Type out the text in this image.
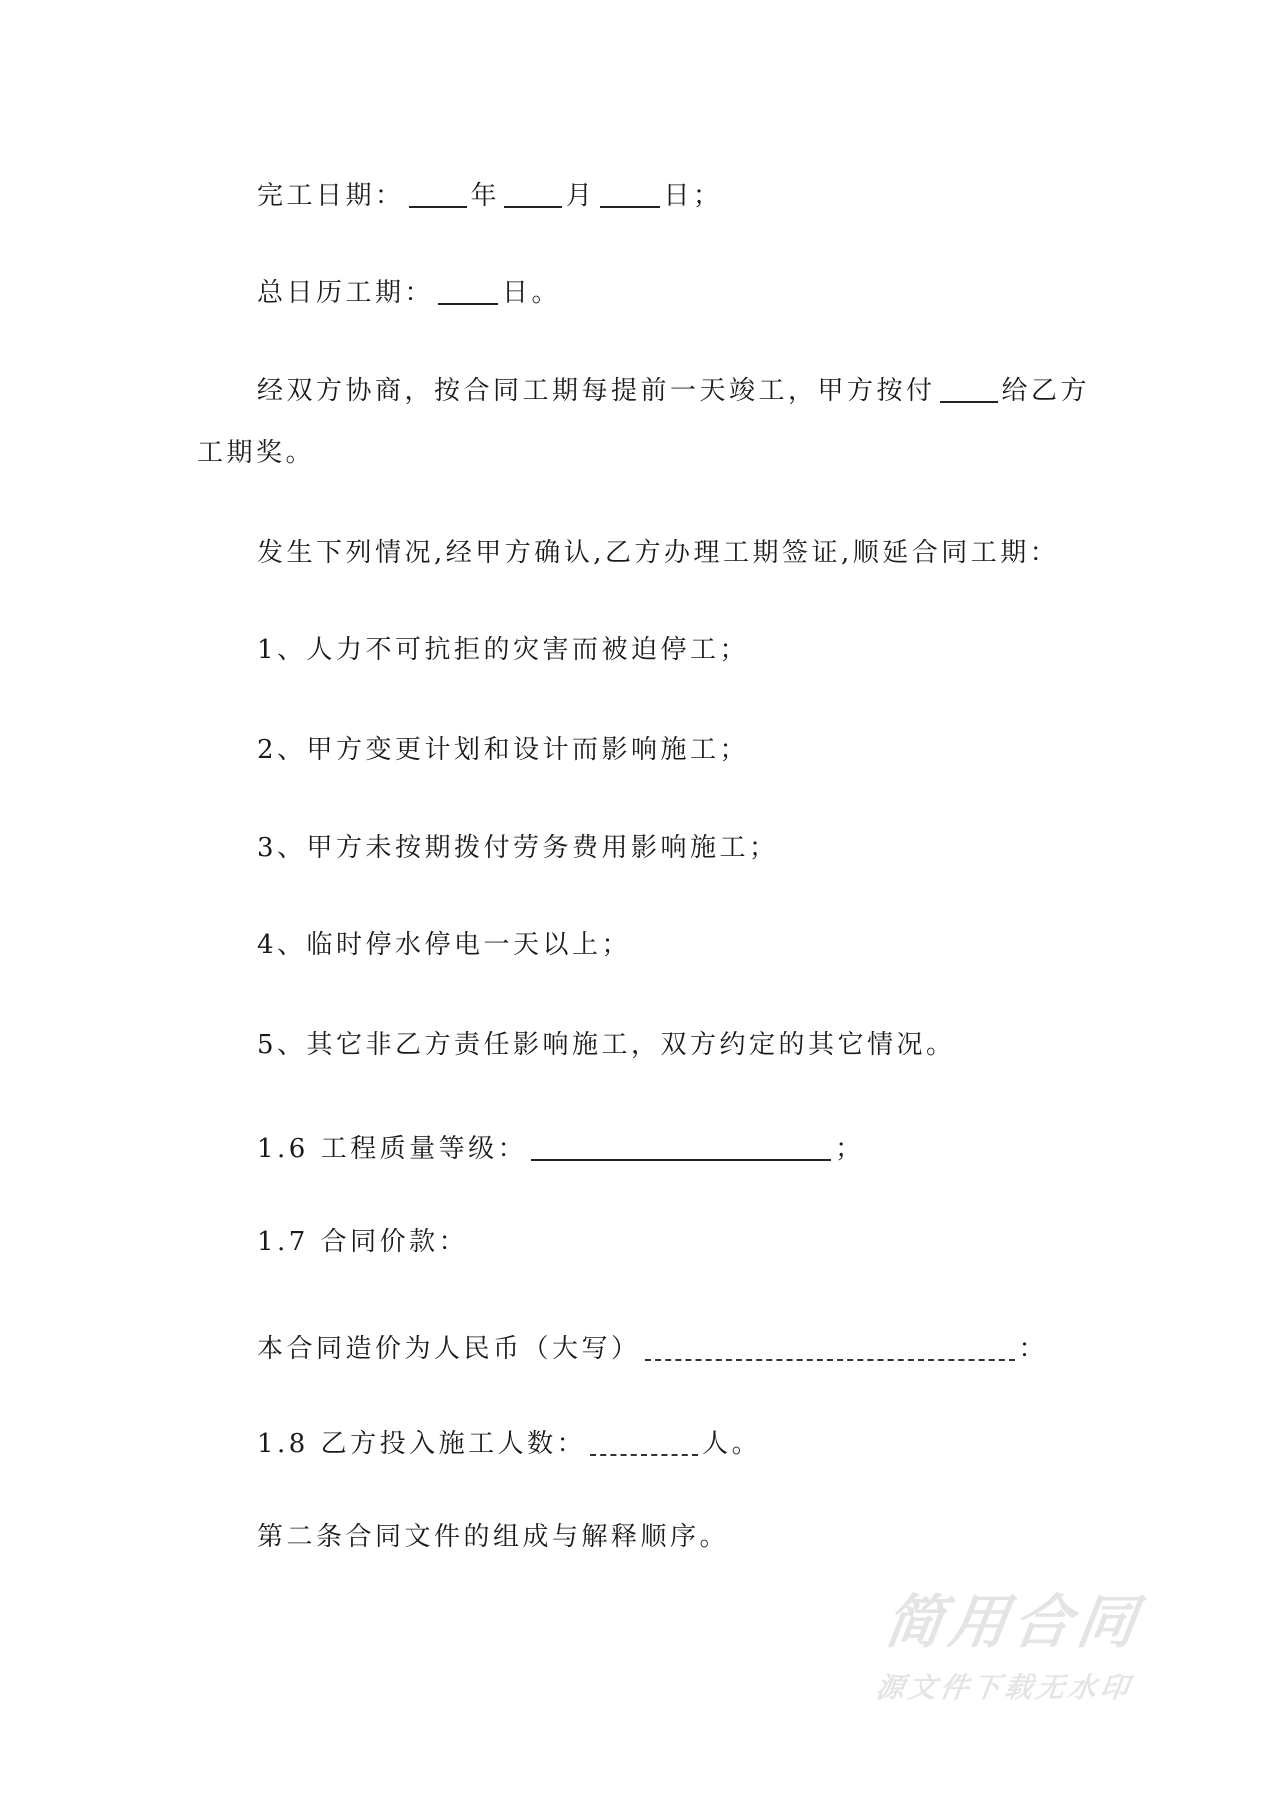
完工日期：	年	月	日；
总日历工期：	日。
经双方协商，按合同工期每提前一天竣工，甲方按付	给乙方
工期奖。
发生下列情况,经甲方确认,乙方办理工期签证,顺延合同工期：
1、人力不可抗拒的灾害而被迫停工；
2、甲方变更计划和设计而影响施工；
3、甲方未按期拨付劳务费用影响施工；
4、临时停水停电一天以上；
5、其它非乙方责任影响施工，双方约定的其它情况。
1.6 工程质量等级：	；
1.7 合同价款：
本合同造价为人民币（大写）	：
1.8 乙方投入施工人数：	人。
第二条合同文件的组成与解释顺序。
简用合同
源文件下载无水印
